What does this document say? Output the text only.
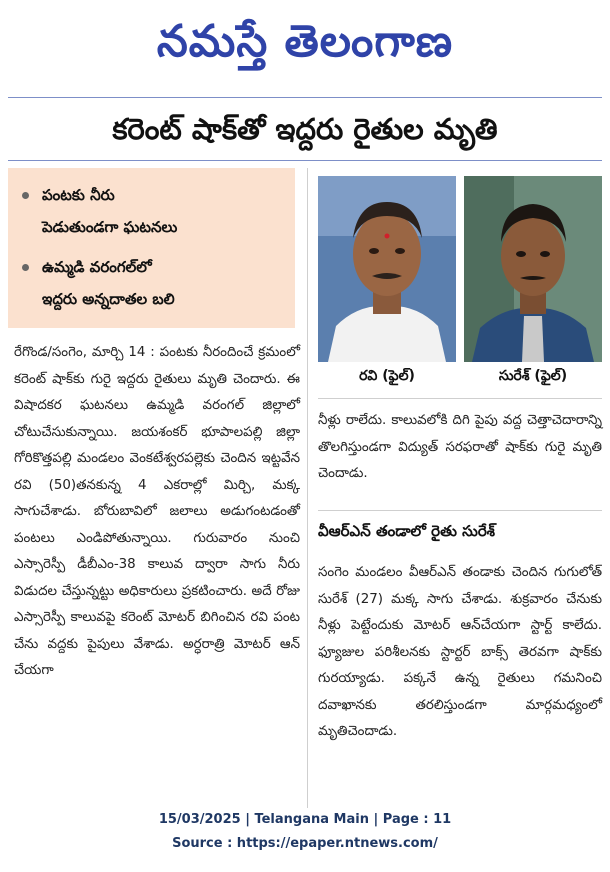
నమస్తే తెలంగాణ
కరెంట్ షాక్‌తో ఇద్దరు రైతుల మృతి
పంటకు నీరు
పెడుతుండగా ఘటనలు
ఉమ్మడి వరంగల్‌లో
ఇద్దరు అన్నదాతల బలి
రేగొండ/సంగెం, మార్చి 14 : పంటకు నీరందించే క్రమంలో కరెంట్ షాక్‌కు గురై ఇద్దరు రైతులు మృతి చెందారు. ఈ విషాదకర ఘటనలు ఉమ్మడి వరంగల్ జిల్లాలో చోటుచేసుకున్నాయి. జయశంకర్ భూపాలపల్లి జిల్లా గోరికొత్తపల్లి మండలం వెంకటేశ్వరపల్లెకు చెందిన ఇట్టవేన రవి (50)తనకున్న 4 ఎకరాల్లో మిర్చి, మక్క సాగుచేశాడు. బోరుబావిలో జలాలు అడుగంటడంతో పంటలు ఎండిపోతున్నాయి. గురువారం నుంచి ఎస్సారెస్పీ డీబీఎం-38 కాలువ ద్వారా సాగు నీరు విడుదల చేస్తున్నట్టు అధికారులు ప్రకటించారు. అదే రోజు ఎస్సారెస్పీ కాలువపై కరెంట్ మోటర్ బిగించిన రవి పంట చేను వద్దకు పైపులు వేశాడు. అర్ధరాత్రి మోటర్ ఆన్ చేయగా
రవి (ఫైల్)	సురేశ్ (ఫైల్)
నీళ్లు రాలేదు. కాలువలోకి దిగి పైపు వద్ద చెత్తాచెదారాన్ని తొలగిస్తుండగా విద్యుత్ సరఫరాతో షాక్‌కు గురై మృతి చెందాడు.
వీఆర్ఎన్ తండాలో రైతు సురేశ్
సంగెం మండలం వీఆర్ఎన్ తండాకు చెందిన గుగులోత్ సురేశ్ (27) మక్క సాగు చేశాడు. శుక్రవారం చేనుకు నీళ్లు పెట్టేందుకు మోటర్ ఆన్‌చేయగా స్టార్ట్ కాలేదు. ఫ్యూజుల పరిశీలనకు స్టార్టర్ బాక్స్ తెరవగా షాక్‌కు గురయ్యాడు. పక్కనే ఉన్న రైతులు గమనించి దవాఖానకు తరలిస్తుండగా మార్గమధ్యంలో మృతిచెందాడు.
15/03/2025 | Telangana Main | Page : 11
Source : https://epaper.ntnews.com/
